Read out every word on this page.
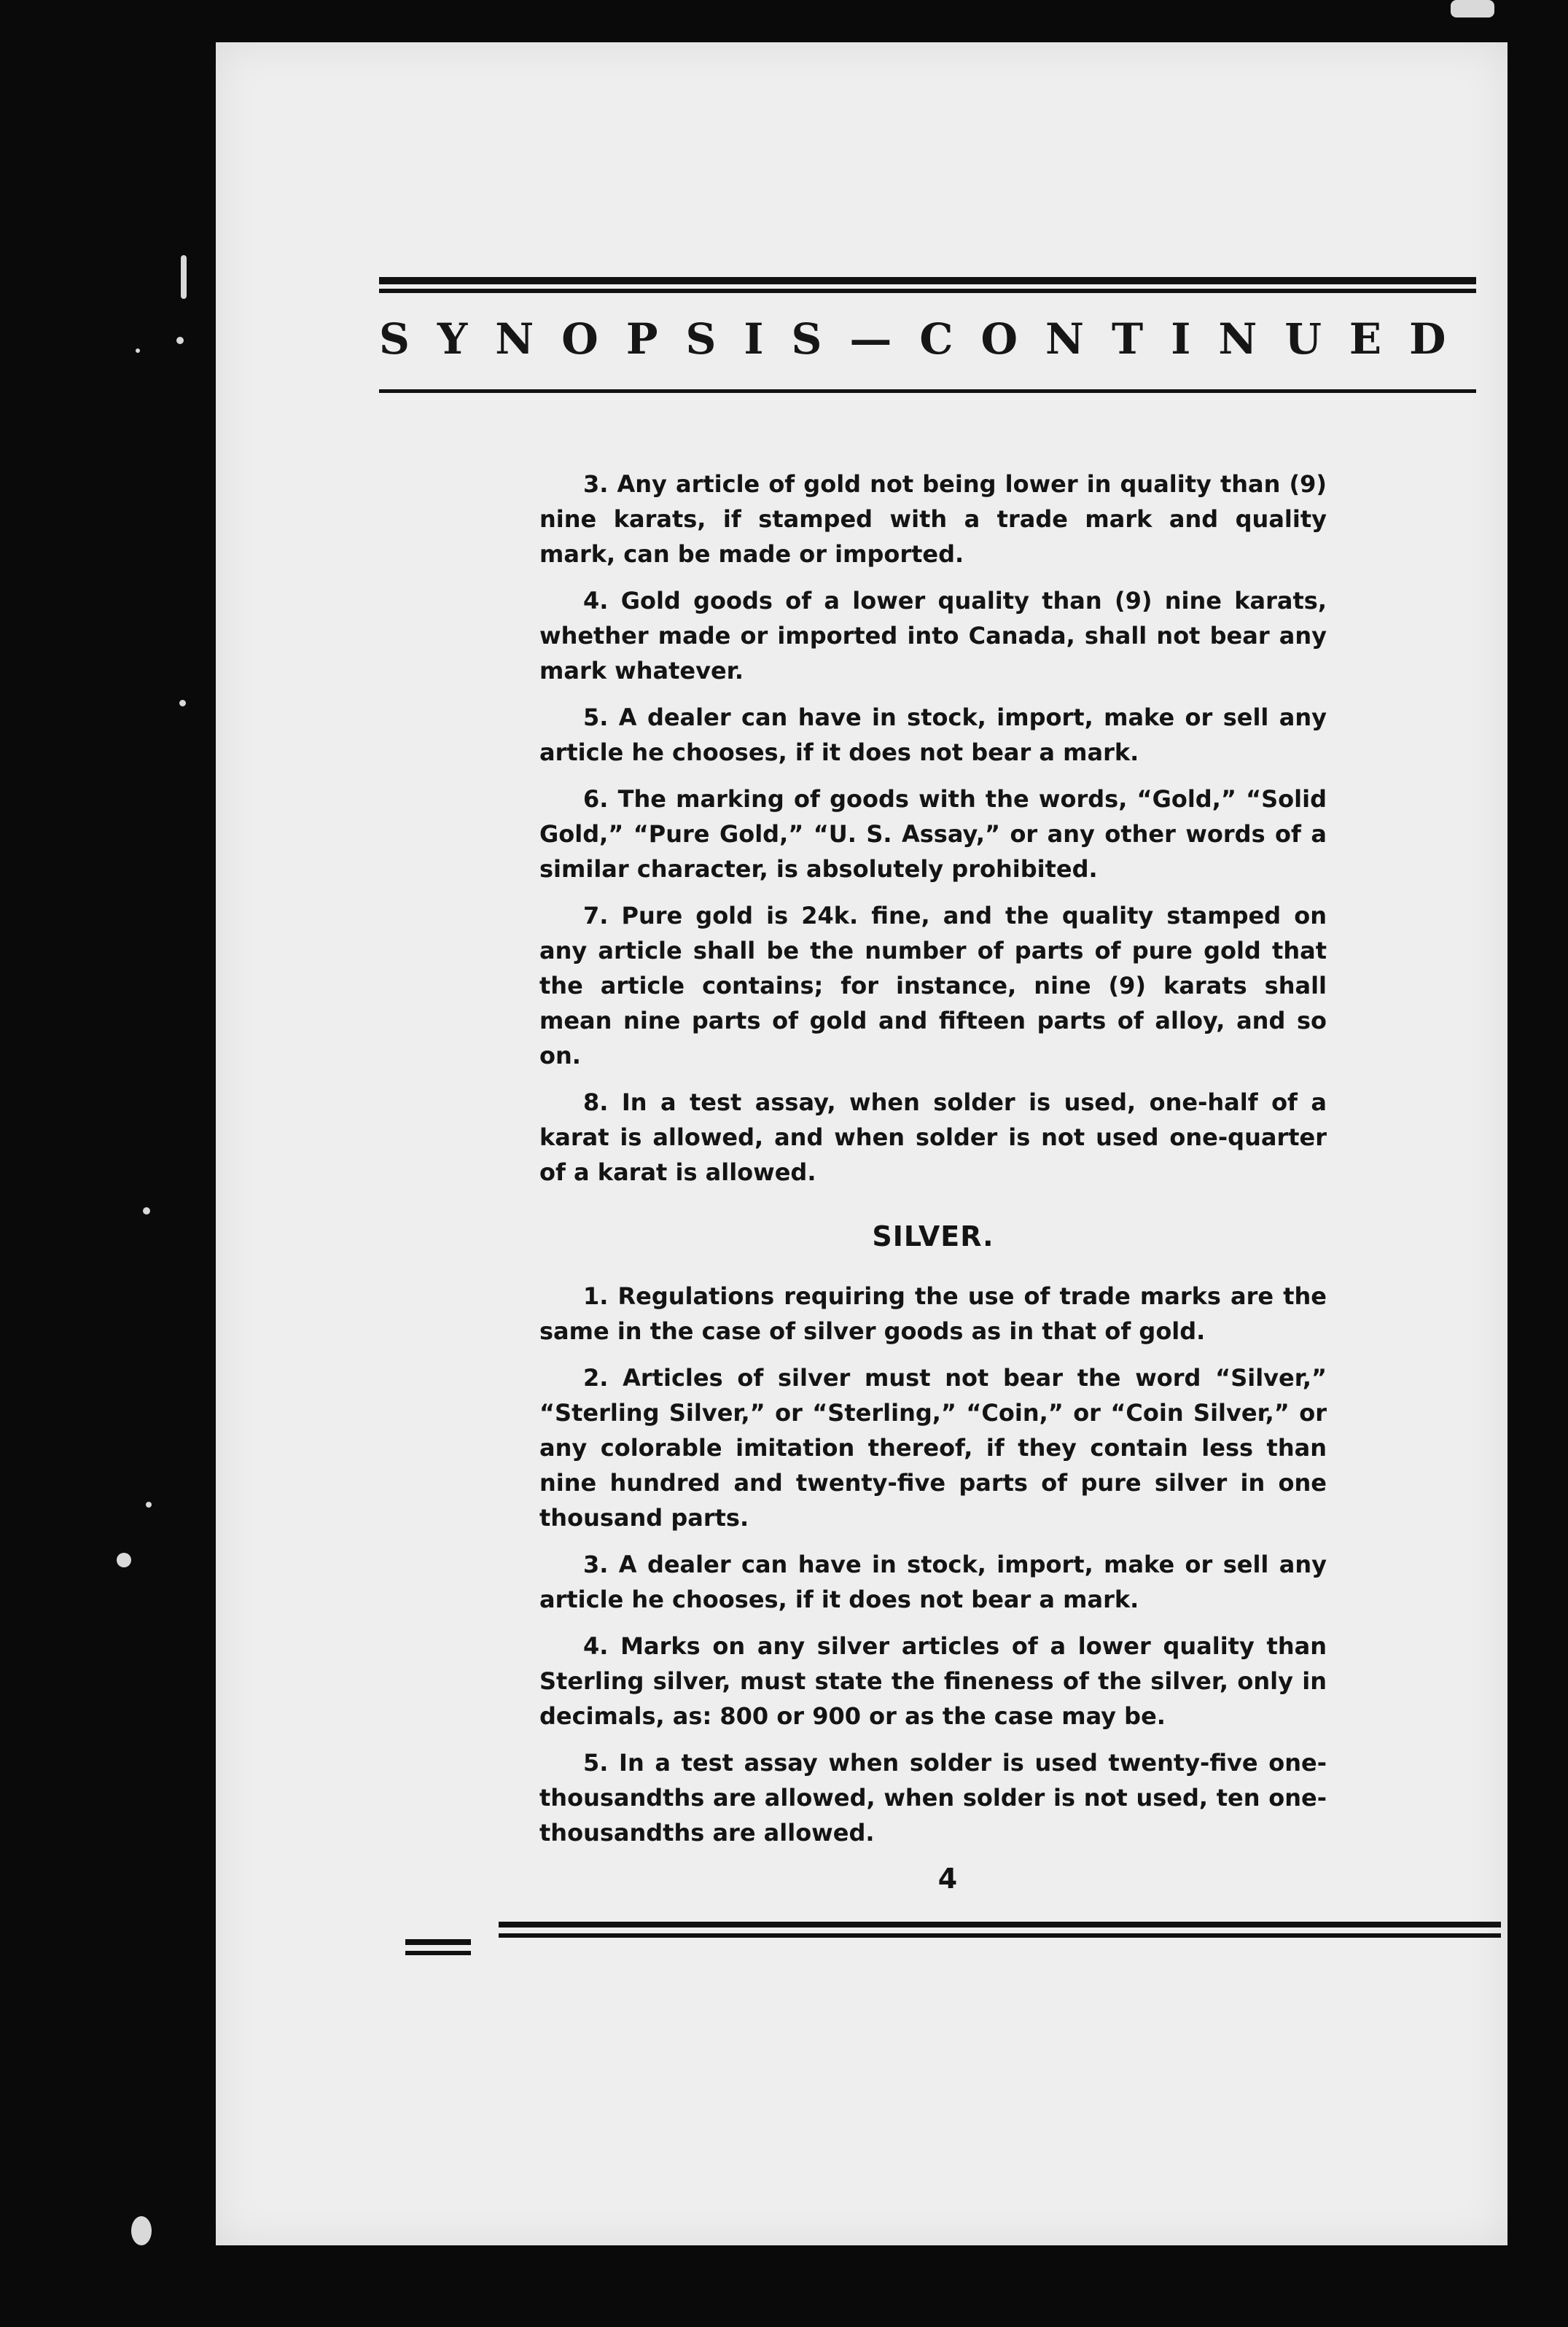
SYNOPSIS—CONTINUED

3. Any article of gold not being lower in quality than (9) nine karats, if stamped with a trade mark and quality mark, can be made or imported.

4. Gold goods of a lower quality than (9) nine karats, whether made or imported into Canada, shall not bear any mark whatever.

5. A dealer can have in stock, import, make or sell any article he chooses, if it does not bear a mark.

6. The marking of goods with the words, “Gold,” “Solid Gold,” “Pure Gold,” “U. S. Assay,” or any other words of a similar character, is absolutely prohibited.

7. Pure gold is 24k. fine, and the quality stamped on any article shall be the number of parts of pure gold that the article contains; for instance, nine (9) karats shall mean nine parts of gold and fifteen parts of alloy, and so on.

8. In a test assay, when solder is used, one-half of a karat is allowed, and when solder is not used one-quarter of a karat is allowed.

SILVER.

1. Regulations requiring the use of trade marks are the same in the case of silver goods as in that of gold.

2. Articles of silver must not bear the word “Silver,” “Sterling Silver,” or “Sterling,” “Coin,” or “Coin Silver,” or any colorable imitation thereof, if they contain less than nine hundred and twenty-five parts of pure silver in one thousand parts.

3. A dealer can have in stock, import, make or sell any article he chooses, if it does not bear a mark.

4. Marks on any silver articles of a lower quality than Sterling silver, must state the fineness of the silver, only in decimals, as: 800 or 900 or as the case may be.

5. In a test assay when solder is used twenty-five one-thousandths are allowed, when solder is not used, ten one-thousandths are allowed.

4
